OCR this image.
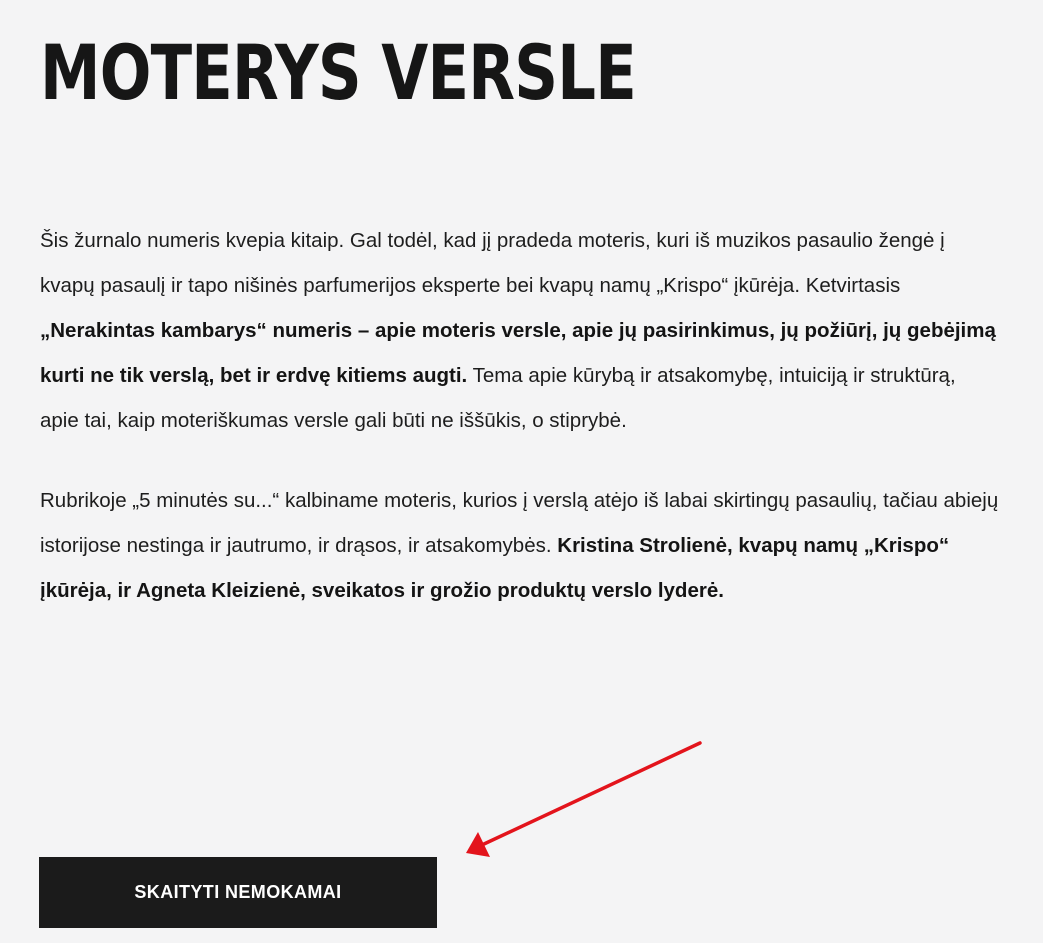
MOTERYS VERSLE

Šis žurnalo numeris kvepia kitaip. Gal todėl, kad jį pradeda moteris, kuri iš muzikos pasaulio žengė į kvapų pasaulį ir tapo nišinės parfumerijos eksperte bei kvapų namų „Krispo“ įkūrėja. Ketvirtasis „Nerakintas kambarys“ numeris – apie moteris versle, apie jų pasirinkimus, jų požiūrį, jų gebėjimą kurti ne tik verslą, bet ir erdvę kitiems augti. Tema apie kūrybą ir atsakomybę, intuiciją ir struktūrą, apie tai, kaip moteriškumas versle gali būti ne iššūkis, o stiprybė.

Rubrikoje „5 minutės su...“ kalbiname moteris, kurios į verslą atėjo iš labai skirtingų pasaulių, tačiau abiejų istorijose nestinga ir jautrumo, ir drąsos, ir atsakomybės. Kristina Strolienė, kvapų namų „Krispo“ įkūrėja, ir Agneta Kleizienė, sveikatos ir grožio produktų verslo lyderė.

SKAITYTI NEMOKAMAI
